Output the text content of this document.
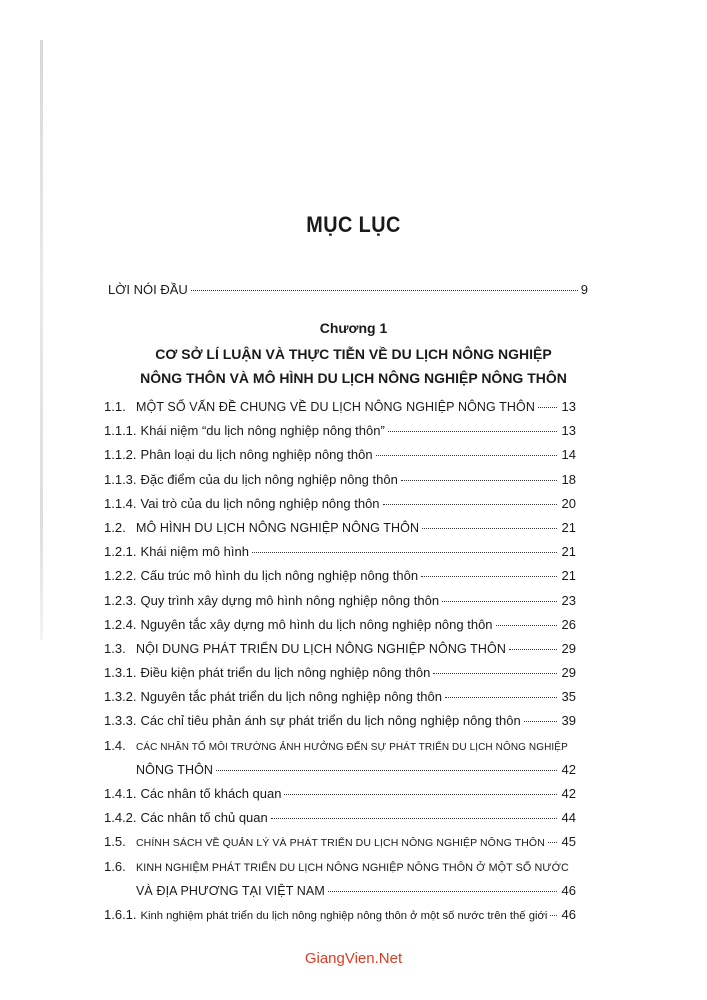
MỤC LỤC
LỜI NÓI ĐẦU	9
Chương 1
CƠ SỞ LÍ LUẬN VÀ THỰC TIỄN VỀ DU LỊCH NÔNG NGHIỆP
NÔNG THÔN VÀ MÔ HÌNH DU LỊCH NÔNG NGHIỆP NÔNG THÔN
1.1. MỘT SỐ VẤN ĐỀ CHUNG VỀ DU LỊCH NÔNG NGHIỆP NÔNG THÔN 13
1.1.1. Khái niệm “du lịch nông nghiệp nông thôn”	13
1.1.2. Phân loại du lịch nông nghiệp nông thôn	14
1.1.3. Đặc điểm của du lịch nông nghiệp nông thôn	18
1.1.4. Vai trò của du lịch nông nghiệp nông thôn	20
1.2. MÔ HÌNH DU LỊCH NÔNG NGHIỆP NÔNG THÔN	21
1.2.1. Khái niệm mô hình	21
1.2.2. Cấu trúc mô hình du lịch nông nghiệp nông thôn	21
1.2.3. Quy trình xây dựng mô hình nông nghiệp nông thôn	23
1.2.4. Nguyên tắc xây dựng mô hình du lịch nông nghiệp nông thôn	26
1.3. NỘI DUNG PHÁT TRIỂN DU LỊCH NÔNG NGHIỆP NÔNG THÔN	29
1.3.1. Điều kiện phát triển du lịch nông nghiệp nông thôn	29
1.3.2. Nguyên tắc phát triển du lịch nông nghiệp nông thôn	35
1.3.3. Các chỉ tiêu phản ánh sự phát triển du lịch nông nghiệp nông thôn	39
1.4.	CÁC NHÂN TỐ MÔI TRƯỜNG ẢNH HƯỞNG ĐẾN SỰ PHÁT TRIỂN DU LỊCH NÔNG NGHIỆP
NÔNG THÔN	42
1.4.1. Các nhân tố khách quan	42
1.4.2. Các nhân tố chủ quan	44
1.5. CHÍNH SÁCH VỀ QUẢN LÝ VÀ PHÁT TRIỂN DU LỊCH NÔNG NGHIỆP NÔNG THÔN 45
1.6. KINH NGHIỆM PHÁT TRIỂN DU LỊCH NÔNG NGHIỆP NÔNG THÔN Ở MỘT SỐ NƯỚC
VÀ ĐỊA PHƯƠNG TẠI VIỆT NAM	46
1.6.1. Kinh nghiệm phát triển du lịch nông nghiệp nông thôn ở một số nước trên thế giới 46
GiangVien.Net
